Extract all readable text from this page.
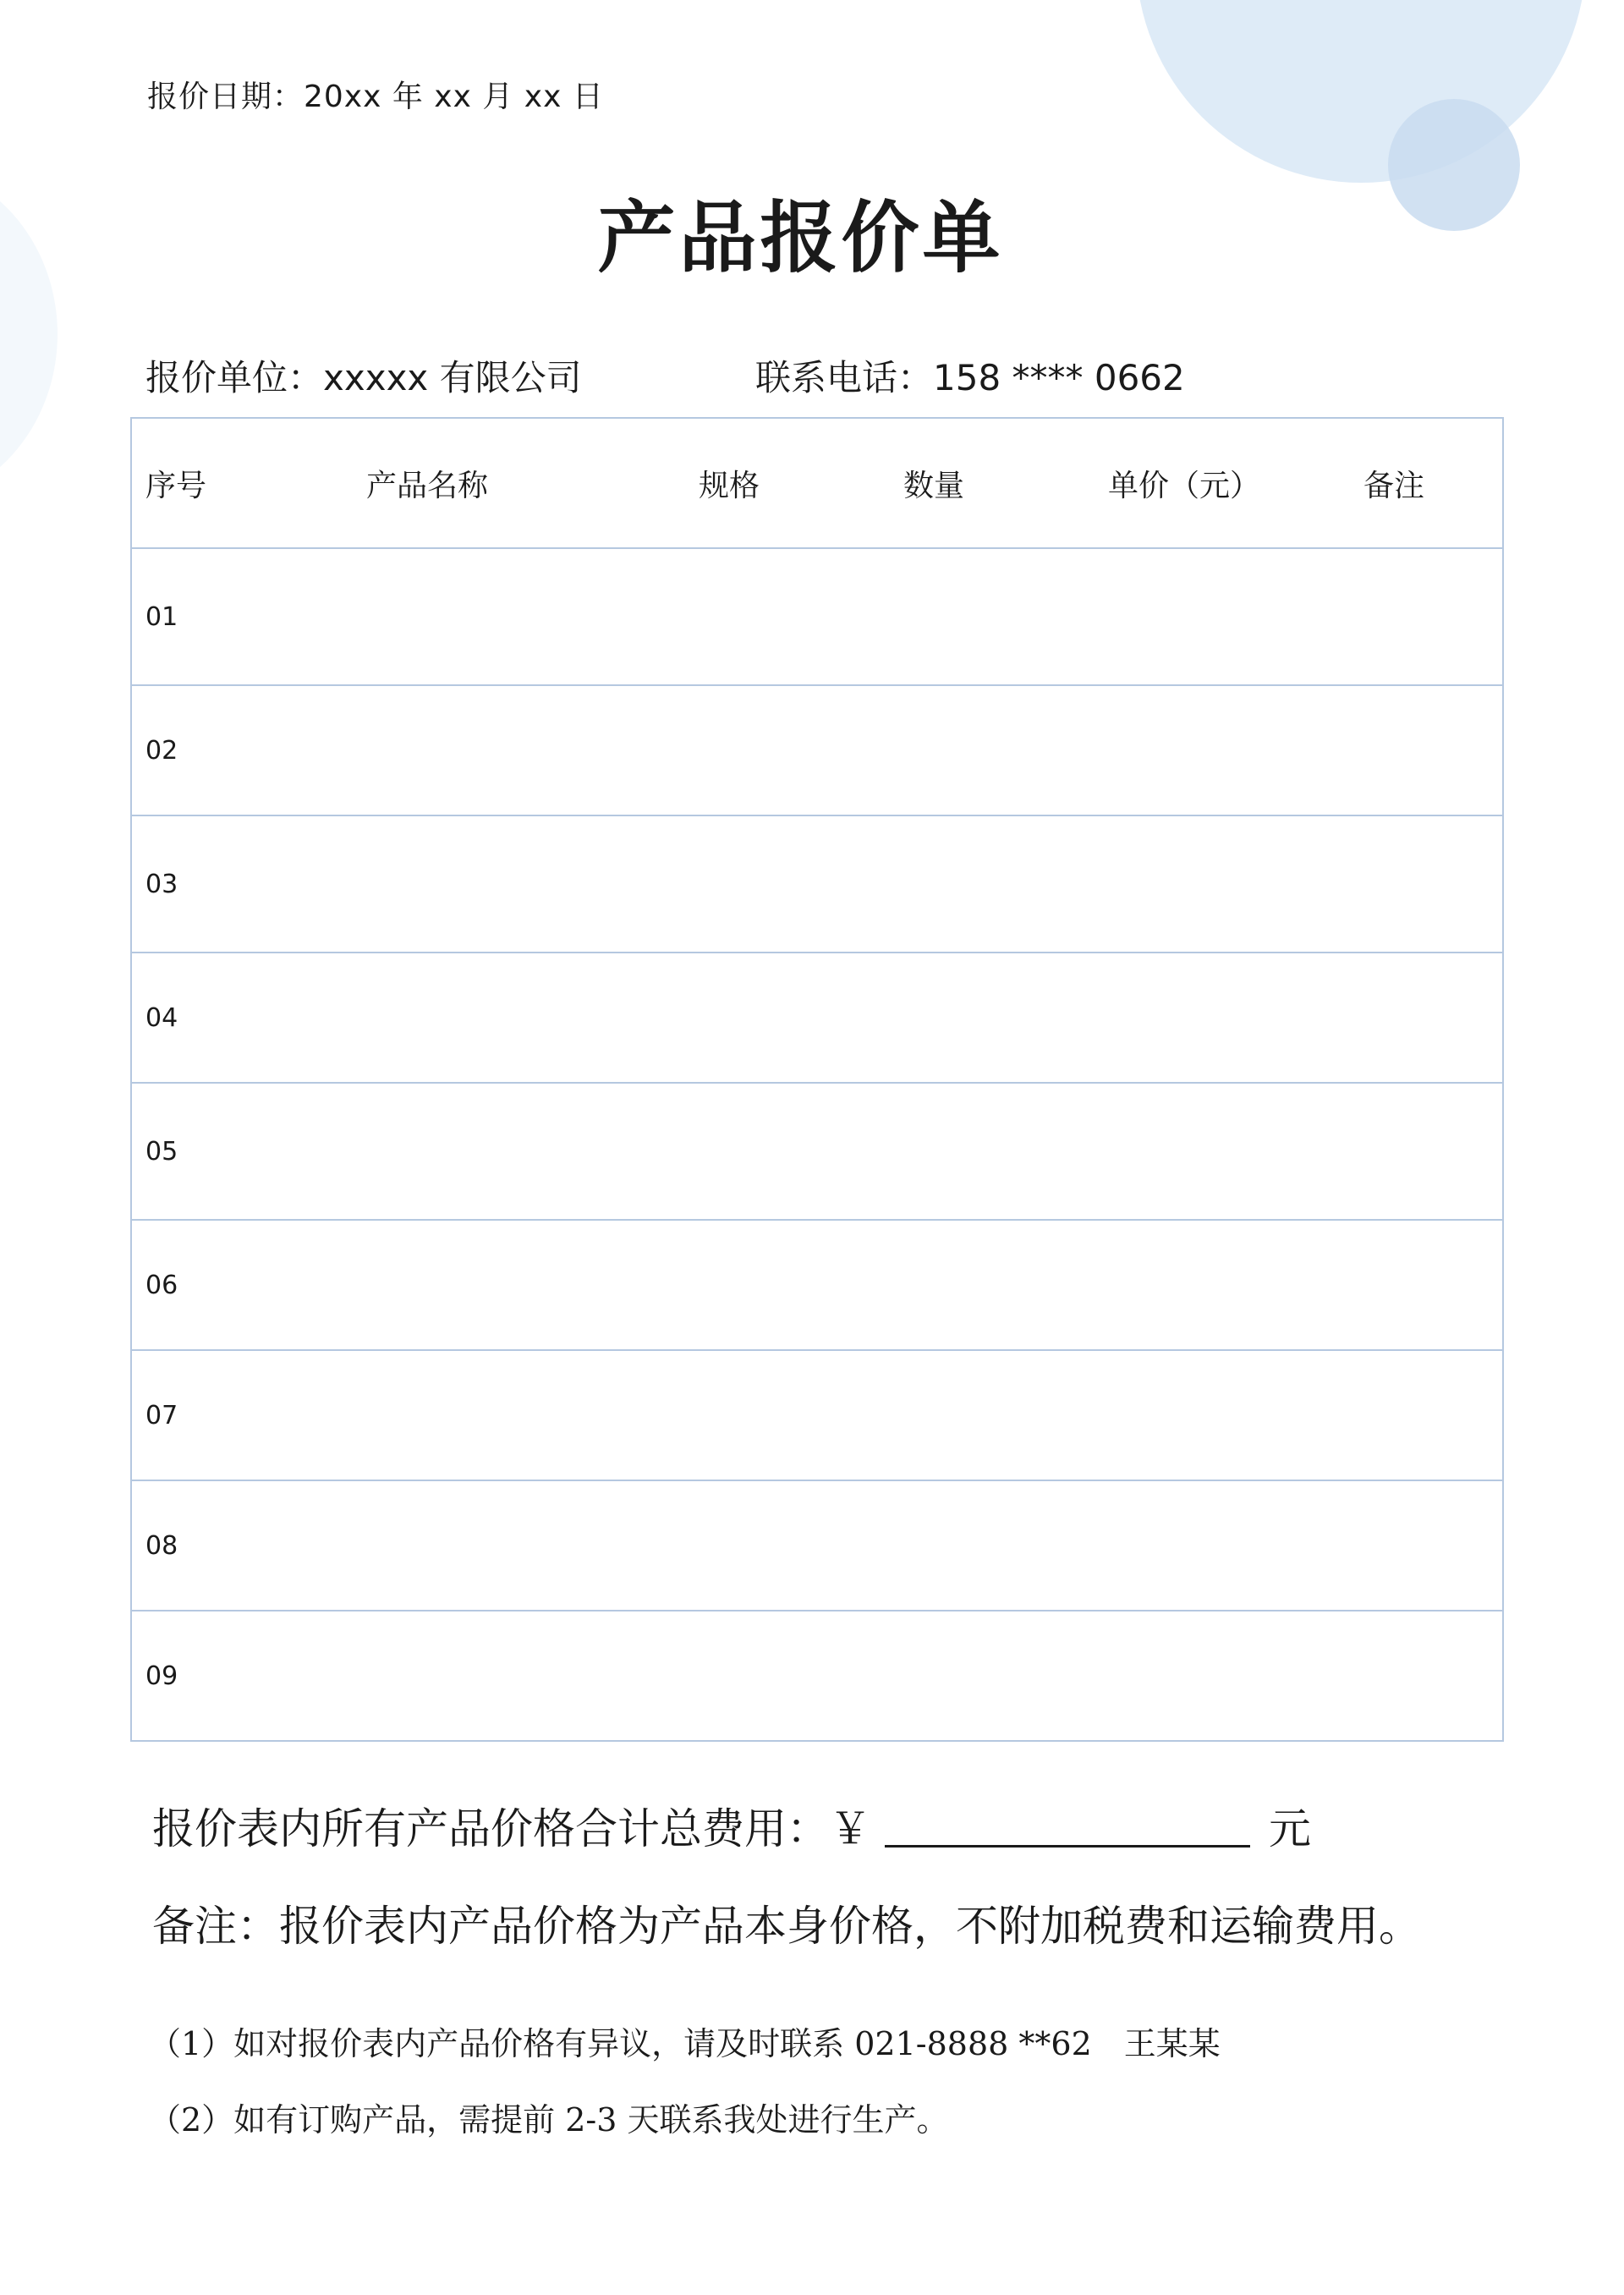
报价日期：20xx 年 xx 月 xx 日
产品报价单
报价单位：xxxxx 有限公司	联系电话：158 **** 0662
序号	产品名称	规格	数量	单价（元）	备注
01					
02					
03					
04					
05					
06					
07					
08					
09					
报价表内所有产品价格合计总费用：￥	元
备注：报价表内产品价格为产品本身价格，不附加税费和运输费用。
（1）如对报价表内产品价格有异议，请及时联系 021-8888 **62　王某某
（2）如有订购产品，需提前 2-3 天联系我处进行生产。
